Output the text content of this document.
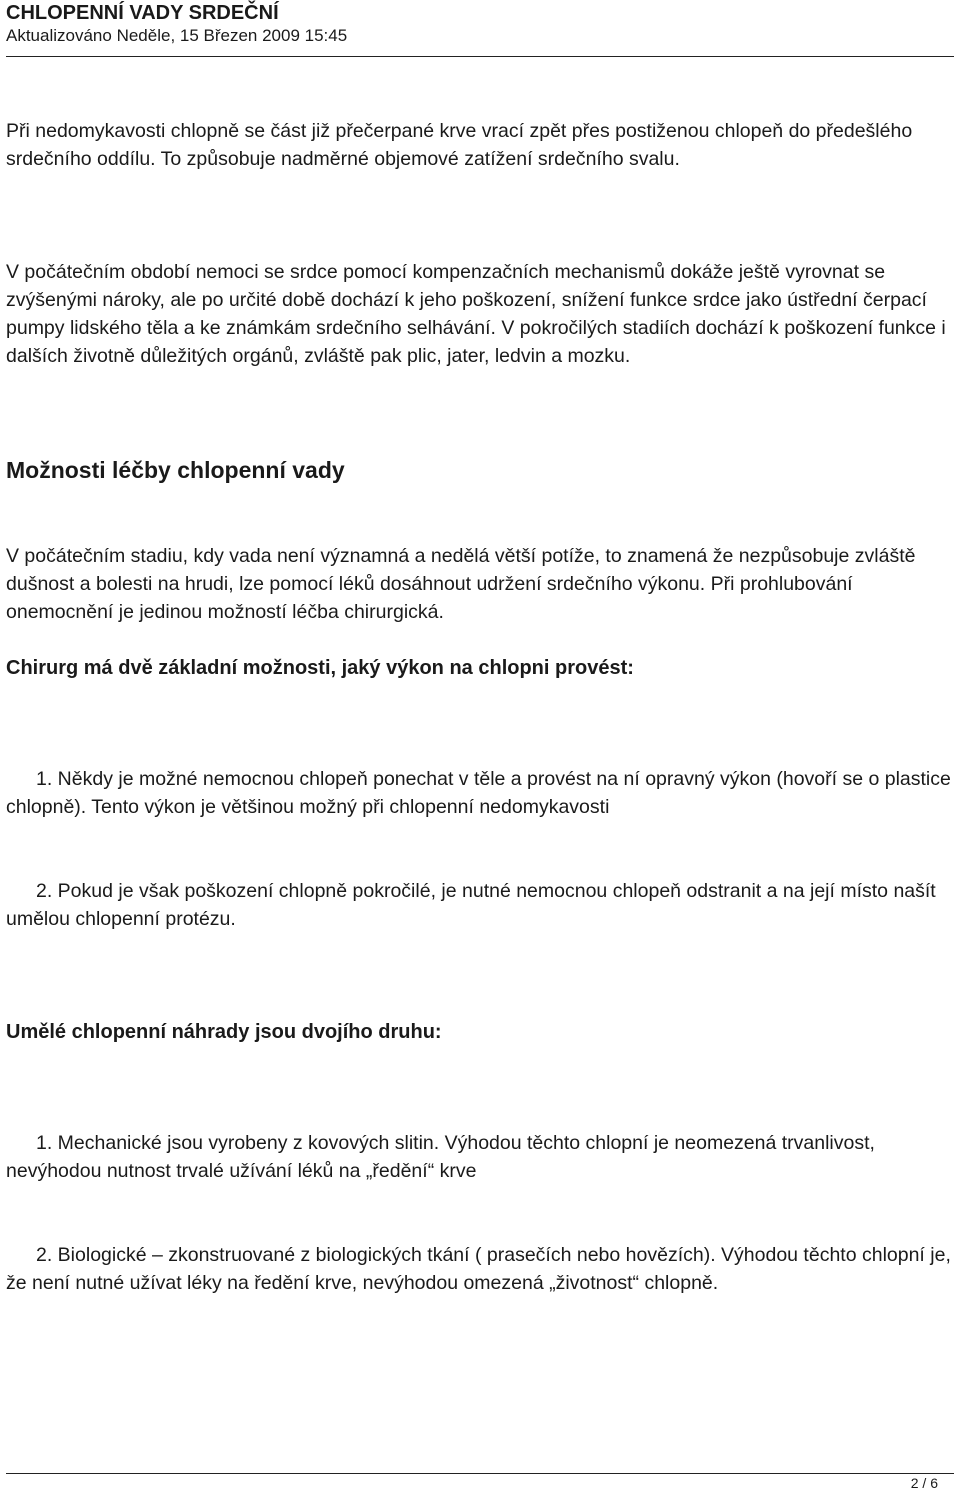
CHLOPENNÍ VADY SRDEČNÍ
Aktualizováno Neděle, 15 Březen 2009 15:45

Při nedomykavosti chlopně se část již přečerpané krve vrací zpět přes postiženou chlopeň do předešlého srdečního oddílu. To způsobuje nadměrné objemové zatížení srdečního svalu.

V počátečním období nemoci se srdce pomocí kompenzačních mechanismů dokáže ještě vyrovnat se zvýšenými nároky, ale po určité době dochází k jeho poškození, snížení funkce srdce jako ústřední čerpací pumpy lidského těla a ke známkám srdečního selhávání. V pokročilých stadiích dochází k poškození funkce i dalších životně důležitých orgánů, zvláště pak plic, jater, ledvin a mozku.

Možnosti léčby chlopenní vady

V počátečním stadiu, kdy vada není významná a nedělá větší potíže, to znamená že nezpůsobuje zvláště dušnost a bolesti na hrudi, lze pomocí léků dosáhnout udržení srdečního výkonu. Při prohlubování onemocnění je jedinou možností léčba chirurgická.

Chirurg má dvě základní možnosti, jaký výkon na chlopni provést:

1. Někdy je možné nemocnou chlopeň ponechat v těle a provést na ní opravný výkon (hovoří se o plastice chlopně). Tento výkon je většinou možný při chlopenní nedomykavosti

2. Pokud je však poškození chlopně pokročilé, je nutné nemocnou chlopeň odstranit a na její místo našít umělou chlopenní protézu.

Umělé chlopenní náhrady jsou dvojího druhu:

1. Mechanické jsou vyrobeny z kovových slitin. Výhodou těchto chlopní je neomezená trvanlivost, nevýhodou nutnost trvalé užívání léků na „ředění“ krve

2. Biologické – zkonstruované z biologických tkání ( prasečích nebo hovězích). Výhodou těchto chlopní je, že není nutné užívat léky na ředění krve, nevýhodou omezená „životnost“ chlopně.

2 / 6
